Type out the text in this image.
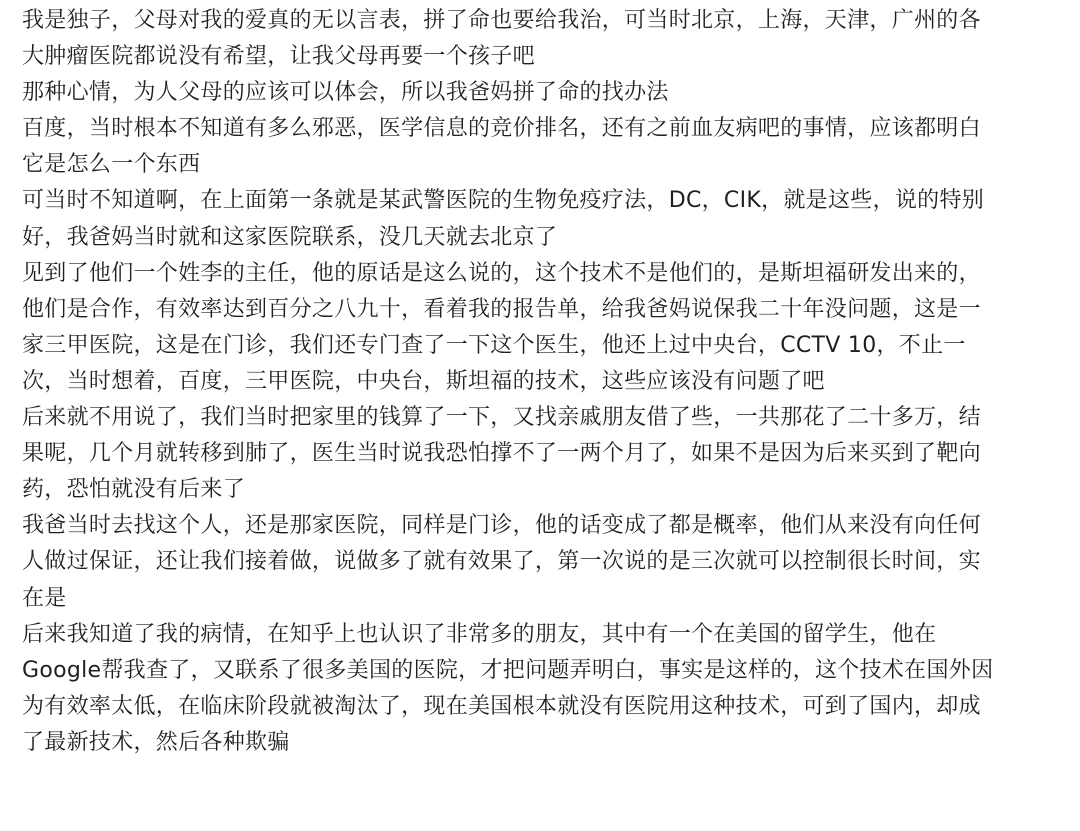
我是独子，父母对我的爱真的无以言表，拼了命也要给我治，可当时北京，上海，天津，广州的各
大肿瘤医院都说没有希望，让我父母再要一个孩子吧
那种心情，为人父母的应该可以体会，所以我爸妈拼了命的找办法
百度，当时根本不知道有多么邪恶，医学信息的竞价排名，还有之前血友病吧的事情，应该都明白
它是怎么一个东西
可当时不知道啊，在上面第一条就是某武警医院的生物免疫疗法，DC，CIK，就是这些，说的特别
好，我爸妈当时就和这家医院联系，没几天就去北京了
见到了他们一个姓李的主任，他的原话是这么说的，这个技术不是他们的，是斯坦福研发出来的，
他们是合作，有效率达到百分之八九十，看着我的报告单，给我爸妈说保我二十年没问题，这是一
家三甲医院，这是在门诊，我们还专门查了一下这个医生，他还上过中央台，CCTV 10，不止一
次，当时想着，百度，三甲医院，中央台，斯坦福的技术，这些应该没有问题了吧
后来就不用说了，我们当时把家里的钱算了一下，又找亲戚朋友借了些，一共那花了二十多万，结
果呢，几个月就转移到肺了，医生当时说我恐怕撑不了一两个月了，如果不是因为后来买到了靶向
药，恐怕就没有后来了
我爸当时去找这个人，还是那家医院，同样是门诊，他的话变成了都是概率，他们从来没有向任何
人做过保证，还让我们接着做，说做多了就有效果了，第一次说的是三次就可以控制很长时间，实
在是
后来我知道了我的病情，在知乎上也认识了非常多的朋友，其中有一个在美国的留学生，他在
Google帮我查了，又联系了很多美国的医院，才把问题弄明白，事实是这样的，这个技术在国外因
为有效率太低，在临床阶段就被淘汰了，现在美国根本就没有医院用这种技术，可到了国内，却成
了最新技术，然后各种欺骗
